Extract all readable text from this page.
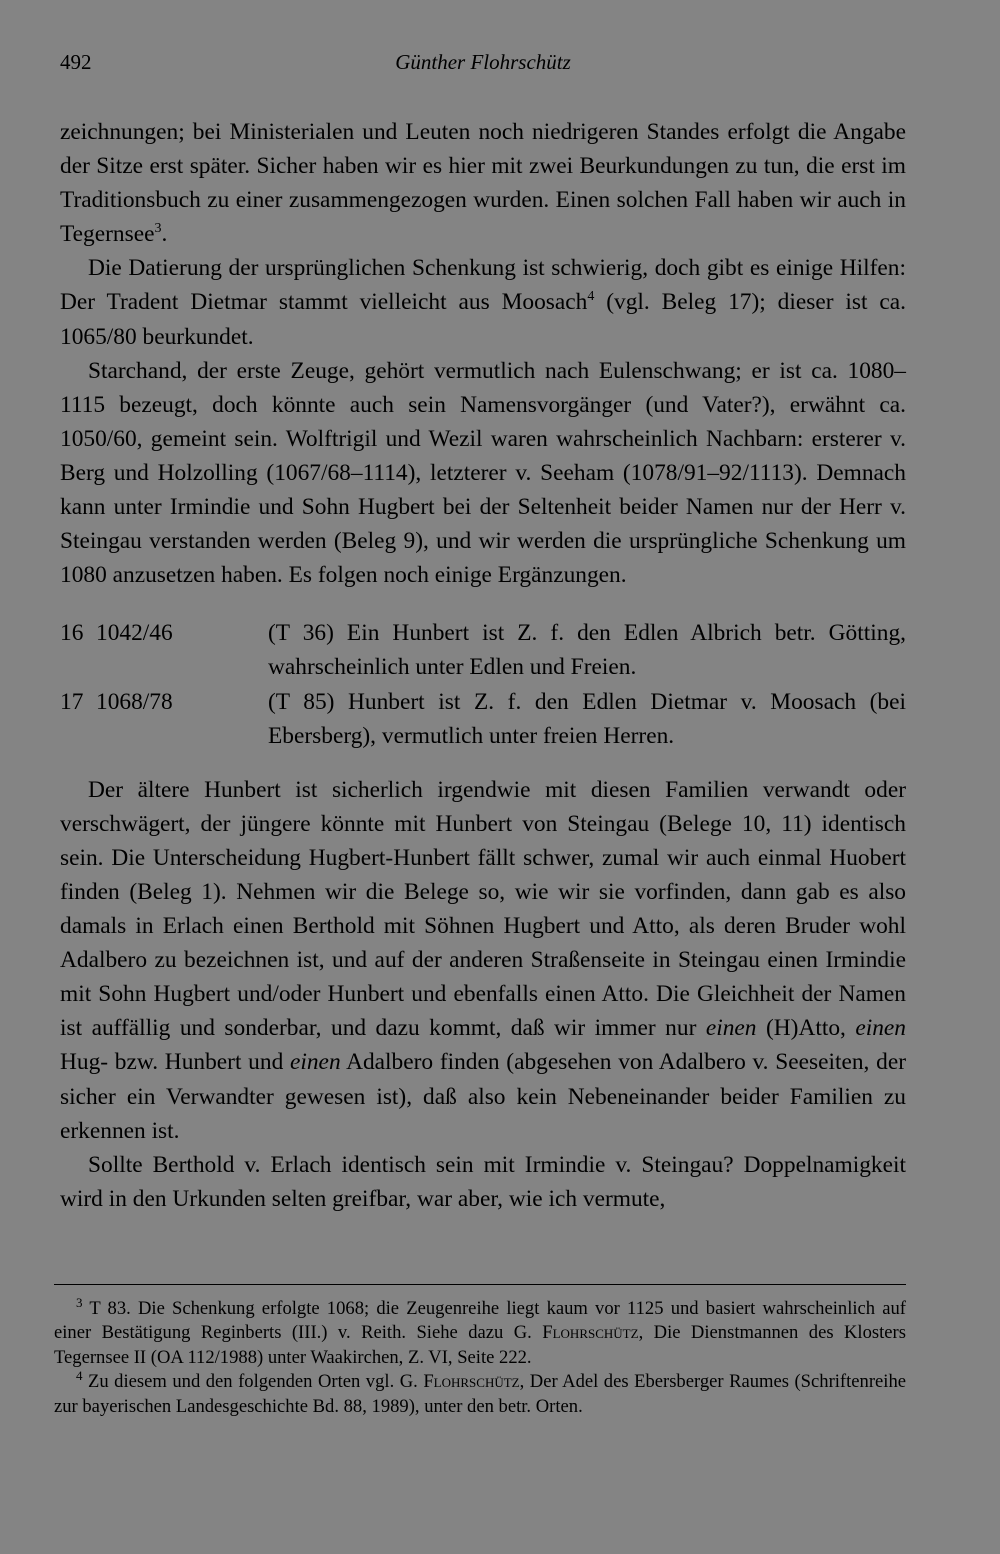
492	Günther Flohrschütz

zeichnungen; bei Ministerialen und Leuten noch niedrigeren Standes erfolgt die Angabe der Sitze erst später. Sicher haben wir es hier mit zwei Beurkundungen zu tun, die erst im Traditionsbuch zu einer zusammengezogen wurden. Einen solchen Fall haben wir auch in Tegernsee$^3$.

Die Datierung der ursprünglichen Schenkung ist schwierig, doch gibt es einige Hilfen: Der Tradent Dietmar stammt vielleicht aus Moosach$^4$ (vgl. Beleg 17); dieser ist ca. 1065/80 beurkundet.

Starchand, der erste Zeuge, gehört vermutlich nach Eulenschwang; er ist ca. 1080–1115 bezeugt, doch könnte auch sein Namensvorgänger (und Vater?), erwähnt ca. 1050/60, gemeint sein. Wolftrigil und Wezil waren wahrscheinlich Nachbarn: ersterer v. Berg und Holzolling (1067/68–1114), letzterer v. Seeham (1078/91–92/1113). Demnach kann unter Irmindie und Sohn Hugbert bei der Seltenheit beider Namen nur der Herr v. Steingau verstanden werden (Beleg 9), und wir werden die ursprüngliche Schenkung um 1080 anzusetzen haben. Es folgen noch einige Ergänzungen.

16 1042/46	(T 36) Ein Hunbert ist Z. f. den Edlen Albrich betr. Götting, wahrscheinlich unter Edlen und Freien.
17 1068/78	(T 85) Hunbert ist Z. f. den Edlen Dietmar v. Moosach (bei Ebersberg), vermutlich unter freien Herren.

Der ältere Hunbert ist sicherlich irgendwie mit diesen Familien verwandt oder verschwägert, der jüngere könnte mit Hunbert von Steingau (Belege 10, 11) identisch sein. Die Unterscheidung Hugbert-Hunbert fällt schwer, zumal wir auch einmal Huobert finden (Beleg 1). Nehmen wir die Belege so, wie wir sie vorfinden, dann gab es also damals in Erlach einen Berthold mit Söhnen Hugbert und Atto, als deren Bruder wohl Adalbero zu bezeichnen ist, und auf der anderen Straßenseite in Steingau einen Irmindie mit Sohn Hugbert und/oder Hunbert und ebenfalls einen Atto. Die Gleichheit der Namen ist auffällig und sonderbar, und dazu kommt, daß wir immer nur einen (H)Atto, einen Hug- bzw. Hunbert und einen Adalbero finden (abgesehen von Adalbero v. Seeseiten, der sicher ein Verwandter gewesen ist), daß also kein Nebeneinander beider Familien zu erkennen ist.

Sollte Berthold v. Erlach identisch sein mit Irmindie v. Steingau? Doppelnamigkeit wird in den Urkunden selten greifbar, war aber, wie ich vermute,

$^3$ T 83. Die Schenkung erfolgte 1068; die Zeugenreihe liegt kaum vor 1125 und basiert wahrscheinlich auf einer Bestätigung Reginberts (III.) v. Reith. Siehe dazu G. Flohrschütz, Die Dienstmannen des Klosters Tegernsee II (OA 112/1988) unter Waakirchen, Z. VI, Seite 222.

$^4$ Zu diesem und den folgenden Orten vgl. G. Flohrschütz, Der Adel des Ebersberger Raumes (Schriftenreihe zur bayerischen Landesgeschichte Bd. 88, 1989), unter den betr. Orten.
